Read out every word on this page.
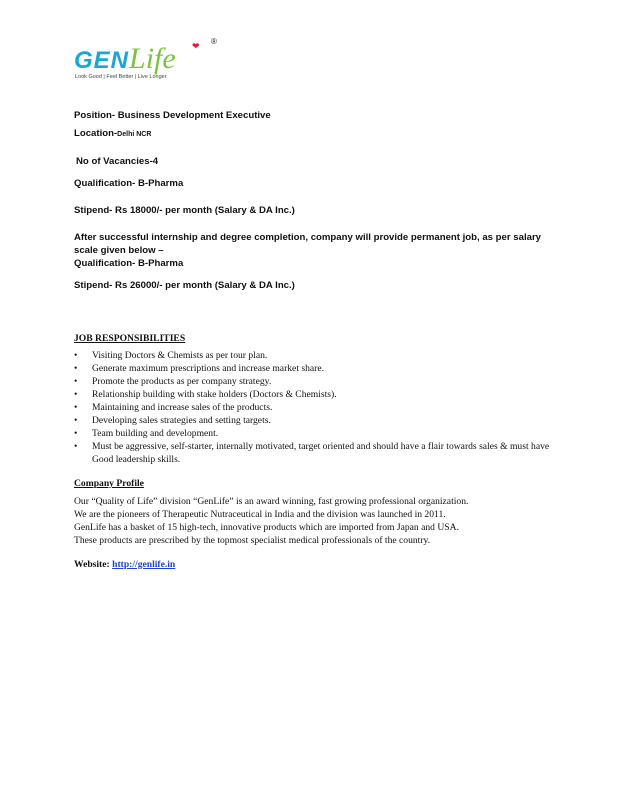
GENLife ❤ ®
Look Good | Feel Better | Live Longer
Position- Business Development Executive
Location-Delhi NCR
No of Vacancies-4
Qualification- B-Pharma
Stipend- Rs 18000/- per month (Salary & DA Inc.)
After successful internship and degree completion, company will provide permanent job, as per salary scale given below –
Qualification- B-Pharma
Stipend- Rs 26000/- per month (Salary & DA Inc.)
JOB RESPONSIBILITIES
• Visiting Doctors & Chemists as per tour plan.
• Generate maximum prescriptions and increase market share.
• Promote the products as per company strategy.
• Relationship building with stake holders (Doctors & Chemists).
• Maintaining and increase sales of the products.
• Developing sales strategies and setting targets.
• Team building and development.
• Must be aggressive, self-starter, internally motivated, target oriented and should have a flair towards sales & must have Good leadership skills.
Company Profile
Our “Quality of Life” division “GenLife” is an award winning, fast growing professional organization.
We are the pioneers of Therapeutic Nutraceutical in India and the division was launched in 2011.
GenLife has a basket of 15 high-tech, innovative products which are imported from Japan and USA.
These products are prescribed by the topmost specialist medical professionals of the country.
Website: http://genlife.in
